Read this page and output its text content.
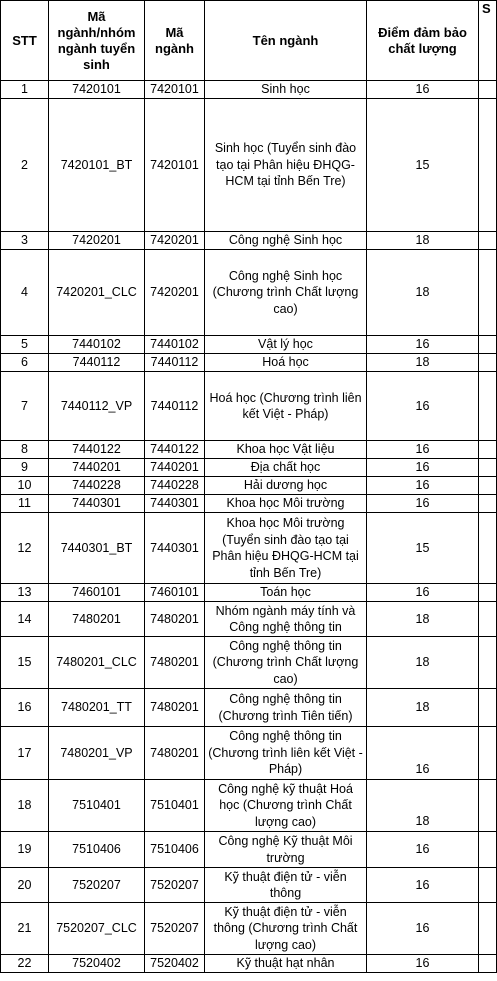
STT	Mã ngành/nhóm ngành tuyển sinh	Mã ngành	Tên ngành	Điểm đảm bảo chất lượng	S
1	7420101	7420101	Sinh học	16	
2	7420101_BT	7420101	Sinh học (Tuyển sinh đào tạo tại Phân hiệu ĐHQG-HCM tại tỉnh Bến Tre)	15	
3	7420201	7420201	Công nghệ Sinh học	18	
4	7420201_CLC	7420201	Công nghệ Sinh học (Chương trình Chất lượng cao)	18	
5	7440102	7440102	Vật lý học	16	
6	7440112	7440112	Hoá học	18	
7	7440112_VP	7440112	Hoá học (Chương trình liên kết Việt - Pháp)	16	
8	7440122	7440122	Khoa học Vật liệu	16	
9	7440201	7440201	Địa chất học	16	
10	7440228	7440228	Hải dương học	16	
11	7440301	7440301	Khoa học Môi trường	16	
12	7440301_BT	7440301	Khoa học Môi trường (Tuyển sinh đào tạo tại Phân hiệu ĐHQG-HCM tại tỉnh Bến Tre)	15	
13	7460101	7460101	Toán học	16	
14	7480201	7480201	Nhóm ngành máy tính và Công nghệ thông tin	18	
15	7480201_CLC	7480201	Công nghệ thông tin (Chương trình Chất lượng cao)	18	
16	7480201_TT	7480201	Công nghệ thông tin (Chương trình Tiên tiến)	18	
17	7480201_VP	7480201	Công nghệ thông tin (Chương trình liên kết Việt - Pháp)	16	
18	7510401	7510401	Công nghệ kỹ thuật Hoá học (Chương trình Chất lượng cao)	18	
19	7510406	7510406	Công nghệ Kỹ thuật Môi trường	16	
20	7520207	7520207	Kỹ thuật điện tử - viễn thông	16	
21	7520207_CLC	7520207	Kỹ thuật điện tử - viễn thông (Chương trình Chất lượng cao)	16	
22	7520402	7520402	Kỹ thuật hạt nhân	16	
